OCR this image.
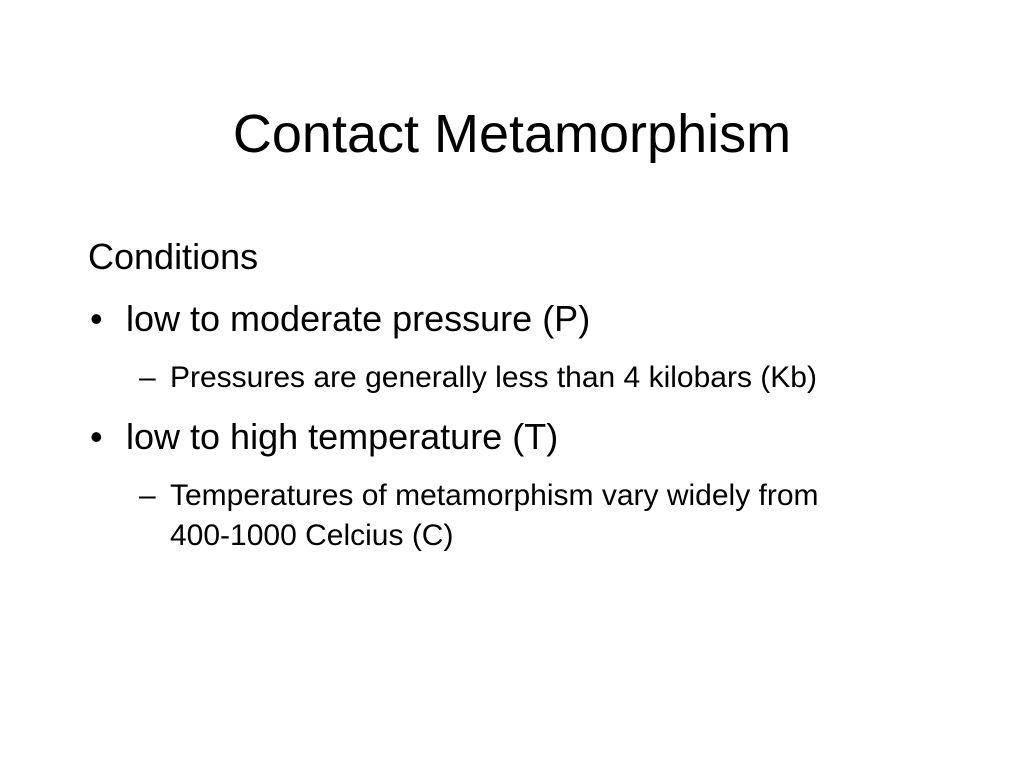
Contact Metamorphism

Conditions

• low to moderate pressure (P)
– Pressures are generally less than 4 kilobars (Kb)
• low to high temperature (T)
– Temperatures of metamorphism vary widely from 400-1000 Celcius (C)
